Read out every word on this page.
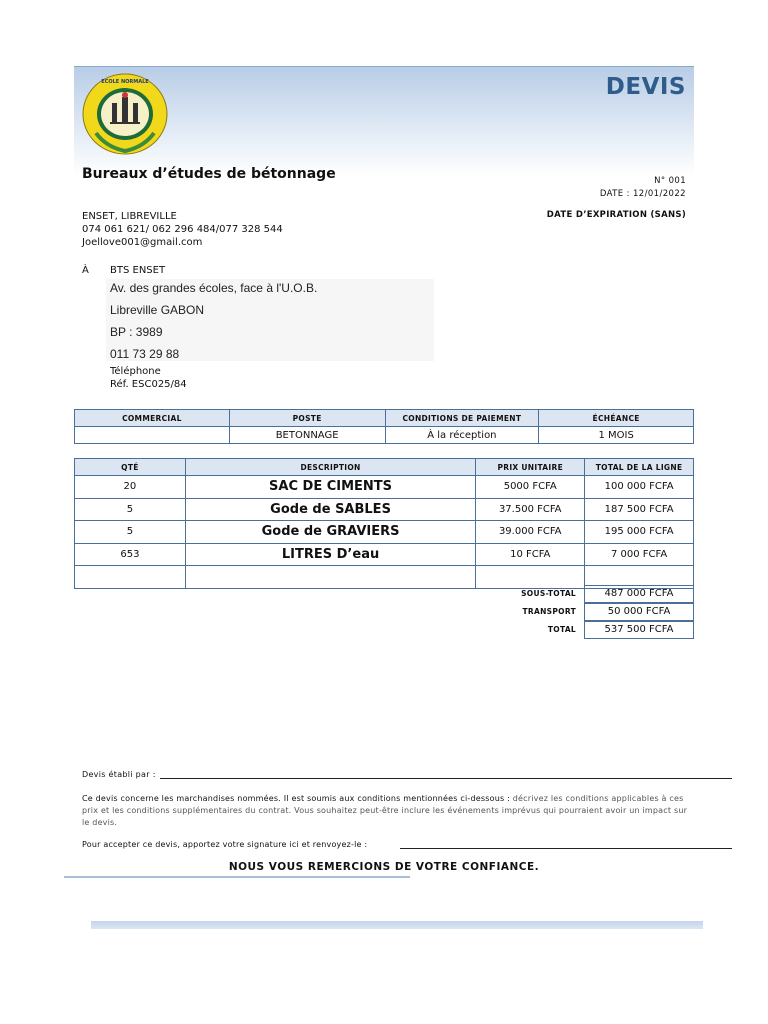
ECOLE NORMALE	DEVIS
Bureaux d’études de bétonnage	N° 001
DATE : 12/01/2022
DATE D’EXPIRATION (SANS)
ENSET, LIBREVILLE
074 061 621/ 062 296 484/077 328 544
Joellove001@gmail.com
À BTS ENSET
Av. des grandes écoles, face à l'U.O.B.
Libreville GABON
BP : 3989
011 73 29 88
Téléphone
Réf. ESC025/84
COMMERCIAL	POSTE	CONDITIONS DE PAIEMENT	ÉCHÉANCE
	BETONNAGE	À la réception	1 MOIS
QTÉ	DESCRIPTION	PRIX UNITAIRE	TOTAL DE LA LIGNE
20	SAC DE CIMENTS	5000 FCFA	100 000 FCFA
5	Gode de SABLES	37.500 FCFA	187 500 FCFA
5	Gode de GRAVIERS	39.000 FCFA	195 000 FCFA
653	LITRES D’eau	10 FCFA	7 000 FCFA

SOUS-TOTAL	487 000 FCFA
TRANSPORT	50 000 FCFA
TOTAL	537 500 FCFA
Devis établi par :
Ce devis concerne les marchandises nommées. Il est soumis aux conditions mentionnées ci-dessous : décrivez les conditions applicables à ces prix et les conditions supplémentaires du contrat. Vous souhaitez peut-être inclure les événements imprévus qui pourraient avoir un impact sur le devis.
Pour accepter ce devis, apportez votre signature ici et renvoyez-le :
NOUS VOUS REMERCIONS DE VOTRE CONFIANCE.
